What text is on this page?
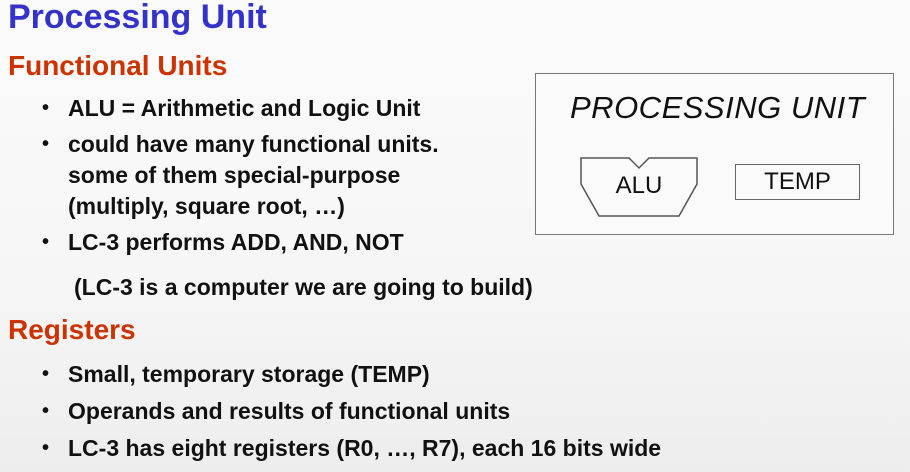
Processing Unit
Functional Units
• ALU = Arithmetic and Logic Unit
• could have many functional units.
some of them special-purpose
(multiply, square root, …)
• LC-3 performs ADD, AND, NOT
(LC-3 is a computer we are going to build)
PROCESSING UNIT
ALU	TEMP
Registers
• Small, temporary storage (TEMP)
• Operands and results of functional units
• LC-3 has eight registers (R0, …, R7), each 16 bits wide
